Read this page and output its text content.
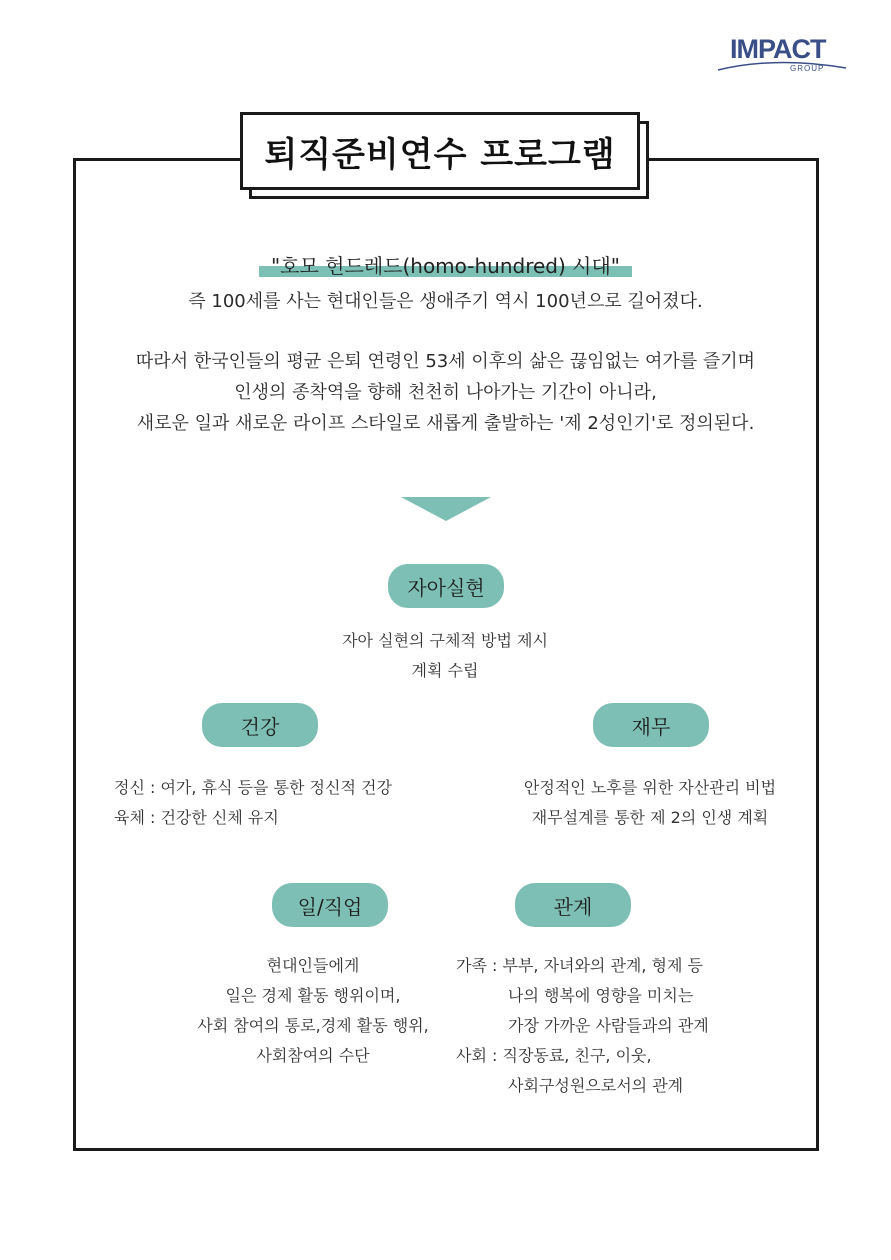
IMPACT
GROUP
퇴직준비연수 프로그램
"호모 헌드레드(homo-hundred) 시대"
즉 100세를 사는 현대인들은 생애주기 역시 100년으로 길어졌다.
따라서 한국인들의 평균 은퇴 연령인 53세 이후의 삶은 끊임없는 여가를 즐기며
인생의 종착역을 향해 천천히 나아가는 기간이 아니라,
새로운 일과 새로운 라이프 스타일로 새롭게 출발하는 '제 2성인기'로 정의된다.
자아실현
자아 실현의 구체적 방법 제시
계획 수립
건강
정신 : 여가, 휴식 등을 통한 정신적 건강
육체 : 건강한 신체 유지
재무
안정적인 노후를 위한 자산관리 비법
재무설계를 통한 제 2의 인생 계획
일/직업
현대인들에게
일은 경제 활동 행위이며,
사회 참여의 통로,경제 활동 행위,
사회참여의 수단
관계
가족 : 부부, 자녀와의 관계, 형제 등
나의 행복에 영향을 미치는
가장 가까운 사람들과의 관계
사회 : 직장동료, 친구, 이웃,
사회구성원으로서의 관계
